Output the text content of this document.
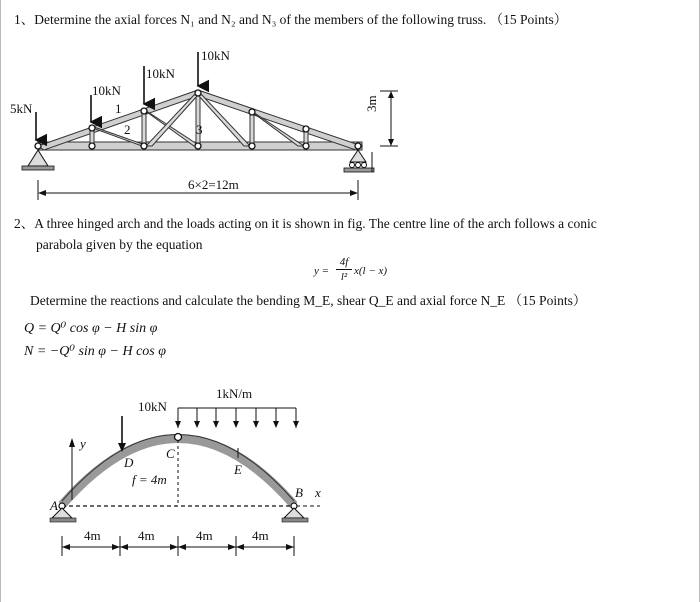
1、Determine the axial forces N₁ and N₂ and N₃ of the members of the following truss. （15 Points）
5kN
10kN
10kN
10kN
1
2	3
3m
6×2=12m
2、A three hinged arch and the loads acting on it is shown in fig. The centre line of the arch follows a conic
parabola given by the equation
y =
4f
l² x(l − x)
Determine the reactions and calculate the bending M_E, shear Q_E and axial force N_E （15 Points）
Q = Q⁰ cos φ − H sin φ
N = −Q⁰ sin φ − H cos φ
10kN
1kN/m
y
D
C
f = 4m
E
B x
A
4m	4m	4m	4m
